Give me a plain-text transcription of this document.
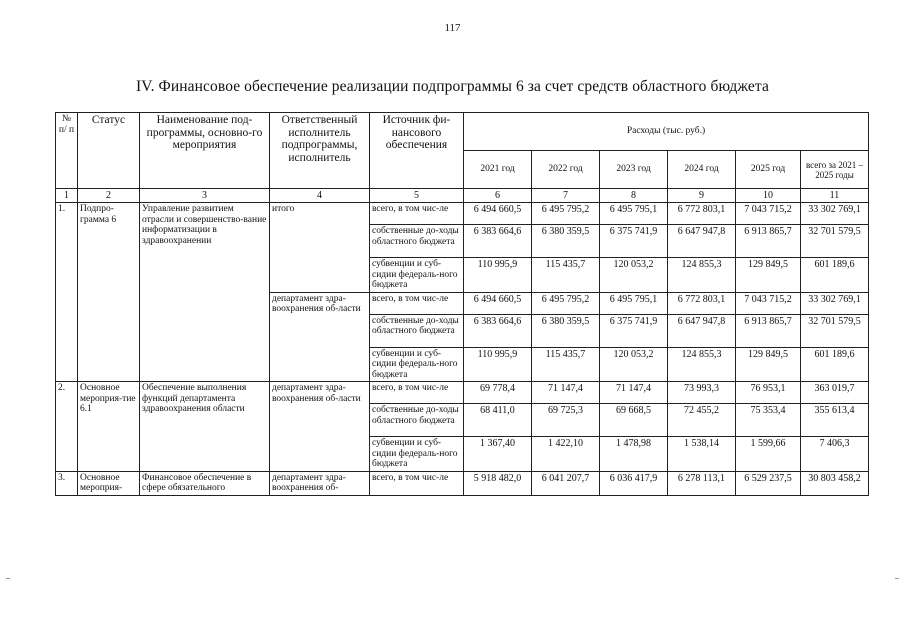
117
IV. Финансовое обеспечение реализации подпрограммы 6 за счет средств областного бюджета
№ п/ п	Статус	Наименование под-программы, основно-го мероприятия	Ответственный исполнитель подпрограммы, исполнитель	Источник фи-нансового обеспечения	Расходы (тыс. руб.)					
					2021 год	2022 год	2023 год	2024 год	2025 год	всего за 2021 – 2025 годы
1	2	3	4	5	6	7	8	9	10	11
1.	Подпро-грамма 6	Управление развитием отрасли и совершенство-вание информатизации в здравоохранении	итого	всего, в том чис-ле	6 494 660,5	6 495 795,2	6 495 795,1	6 772 803,1	7 043 715,2	33 302 769,1
				собственные до-ходы областного бюджета	6 383 664,6	6 380 359,5	6 375 741,9	6 647 947,8	6 913 865,7	32 701 579,5
				субвенции и суб-сидии федераль-ного бюджета	110 995,9	115 435,7	120 053,2	124 855,3	129 849,5	601 189,6
			департамент здра-воохранения об-ласти	всего, в том чис-ле	6 494 660,5	6 495 795,2	6 495 795,1	6 772 803,1	7 043 715,2	33 302 769,1
				собственные до-ходы областного бюджета	6 383 664,6	6 380 359,5	6 375 741,9	6 647 947,8	6 913 865,7	32 701 579,5
				субвенции и суб-сидии федераль-ного бюджета	110 995,9	115 435,7	120 053,2	124 855,3	129 849,5	601 189,6
2.	Основное мероприя-тие 6.1	Обеспечение выполнения функций департамента здравоохранения области	департамент здра-воохранения об-ласти	всего, в том чис-ле	69 778,4	71 147,4	71 147,4	73 993,3	76 953,1	363 019,7
				собственные до-ходы областного бюджета	68 411,0	69 725,3	69 668,5	72 455,2	75 353,4	355 613,4
				субвенции и суб-сидии федераль-ного бюджета	1 367,40	1 422,10	1 478,98	1 538,14	1 599,66	7 406,3
3.	Основное мероприя-	Финансовое обеспечение в сфере обязательного	департамент здра-воохранения об-	всего, в том чис-ле	5 918 482,0	6 041 207,7	6 036 417,9	6 278 113,1	6 529 237,5	30 803 458,2
